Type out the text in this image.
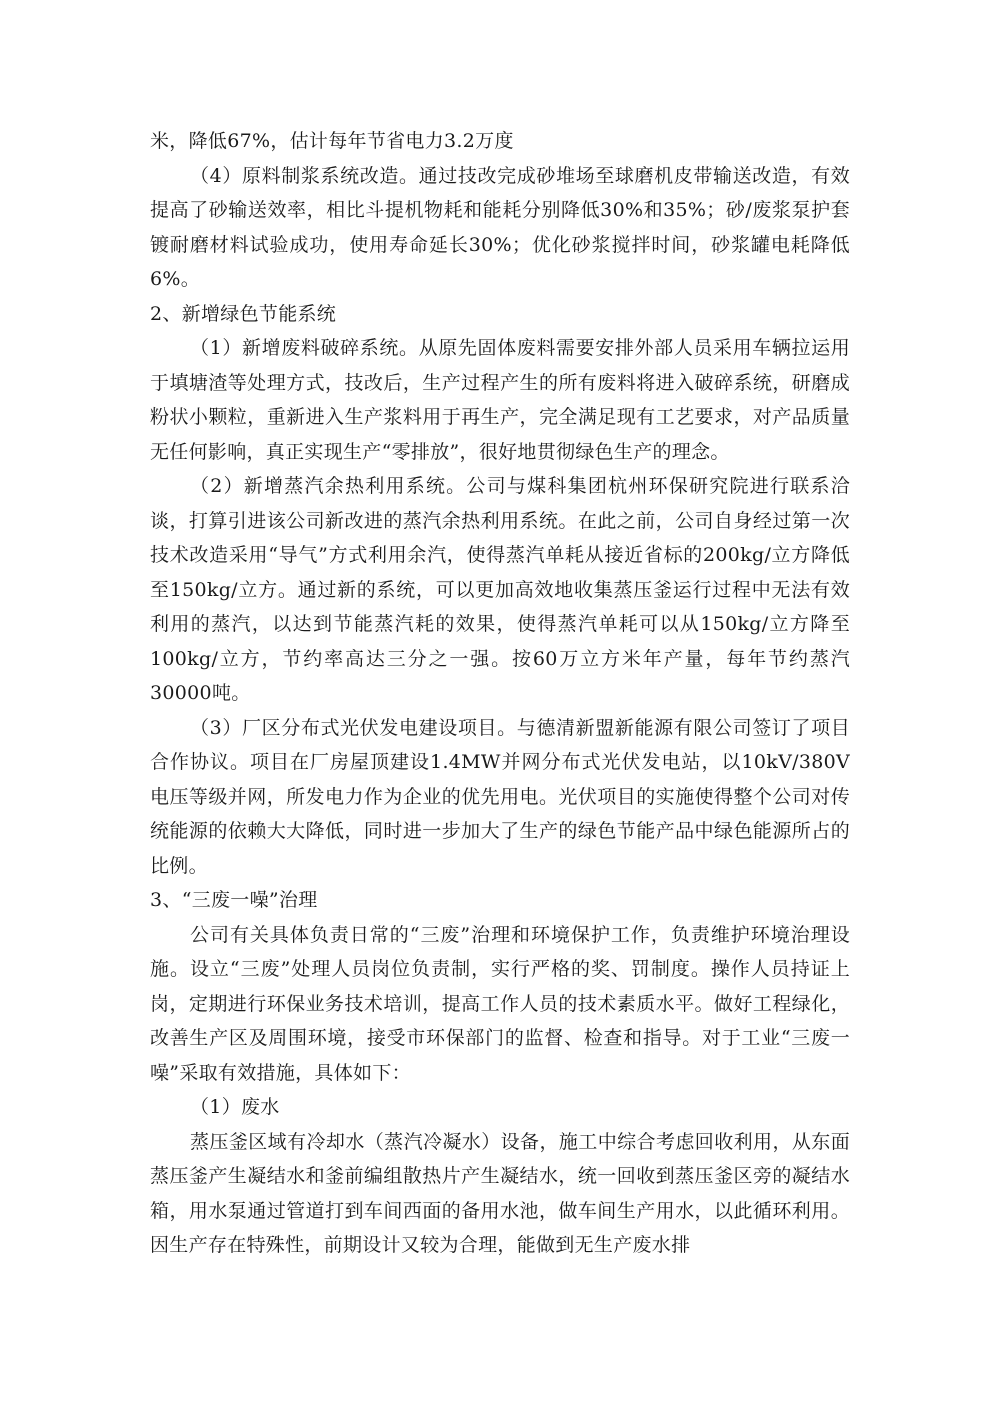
米，降低67%，估计每年节省电力3.2万度

（4）原料制浆系统改造。通过技改完成砂堆场至球磨机皮带输送改造，有效提高了砂输送效率，相比斗提机物耗和能耗分别降低30%和35%；砂/废浆泵护套镀耐磨材料试验成功，使用寿命延长30%；优化砂浆搅拌时间，砂浆罐电耗降低6%。

2、新增绿色节能系统

（1）新增废料破碎系统。从原先固体废料需要安排外部人员采用车辆拉运用于填塘渣等处理方式，技改后，生产过程产生的所有废料将进入破碎系统，研磨成粉状小颗粒，重新进入生产浆料用于再生产，完全满足现有工艺要求，对产品质量无任何影响，真正实现生产“零排放”，很好地贯彻绿色生产的理念。

（2）新增蒸汽余热利用系统。公司与煤科集团杭州环保研究院进行联系洽谈，打算引进该公司新改进的蒸汽余热利用系统。在此之前，公司自身经过第一次技术改造采用“导气”方式利用余汽，使得蒸汽单耗从接近省标的200kg/立方降低至150kg/立方。通过新的系统，可以更加高效地收集蒸压釜运行过程中无法有效利用的蒸汽，以达到节能蒸汽耗的效果，使得蒸汽单耗可以从150kg/立方降至100kg/立方，节约率高达三分之一强。按60万立方米年产量，每年节约蒸汽30000吨。

（3）厂区分布式光伏发电建设项目。与德清新盟新能源有限公司签订了项目合作协议。项目在厂房屋顶建设1.4MW并网分布式光伏发电站，以10kV/380V电压等级并网，所发电力作为企业的优先用电。光伏项目的实施使得整个公司对传统能源的依赖大大降低，同时进一步加大了生产的绿色节能产品中绿色能源所占的比例。

3、“三废一噪”治理

公司有关具体负责日常的“三废”治理和环境保护工作，负责维护环境治理设施。设立“三废”处理人员岗位负责制，实行严格的奖、罚制度。操作人员持证上岗，定期进行环保业务技术培训，提高工作人员的技术素质水平。做好工程绿化，改善生产区及周围环境，接受市环保部门的监督、检查和指导。对于工业“三废一噪”采取有效措施，具体如下：

（1）废水

蒸压釜区域有冷却水（蒸汽冷凝水）设备，施工中综合考虑回收利用，从东面蒸压釜产生凝结水和釜前编组散热片产生凝结水，统一回收到蒸压釜区旁的凝结水箱，用水泵通过管道打到车间西面的备用水池，做车间生产用水，以此循环利用。因生产存在特殊性，前期设计又较为合理，能做到无生产废水排
